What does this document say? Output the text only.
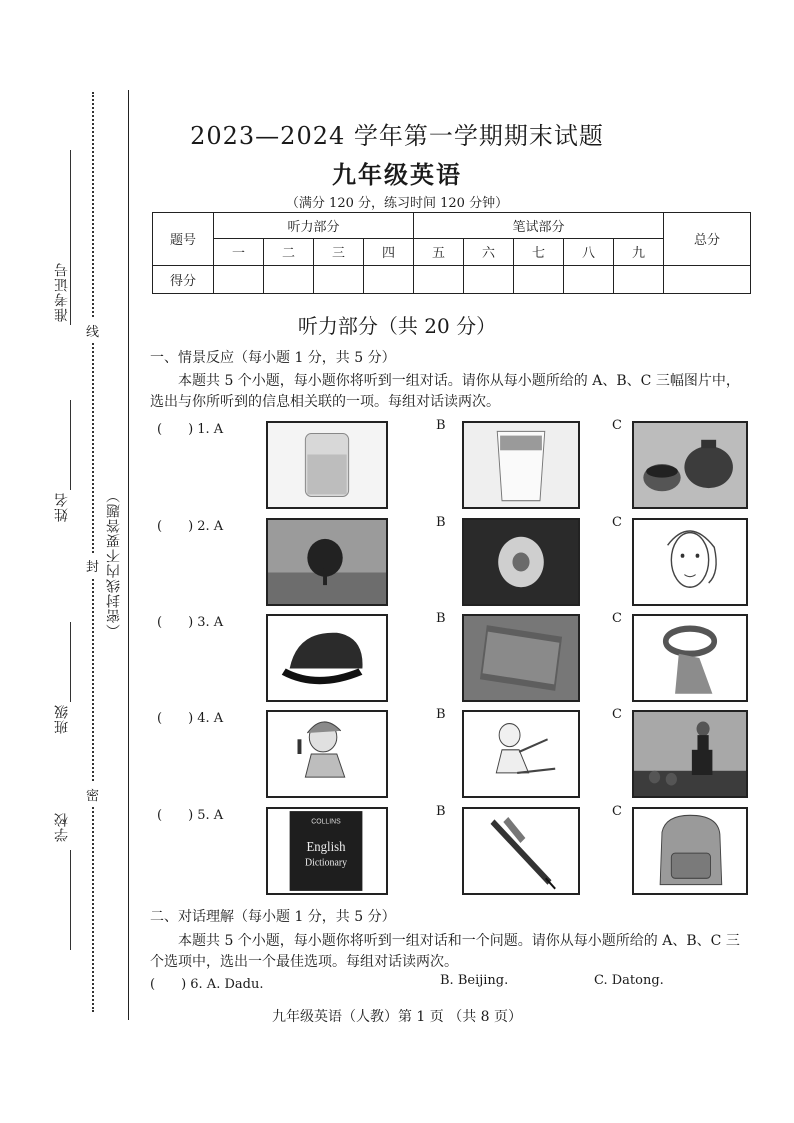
准考证号
姓名
班级
学校
线
封
密
（密封线内不要答题）
2023—2024 学年第一学期期末试题
九年级英语
（满分 120 分，练习时间 120 分钟）
题号	听力部分				笔试部分					总分
	一	二	三	四	五	六	七	八	九	
得分										
听力部分（共 20 分）
一、情景反应（每小题 1 分，共 5 分）
本题共 5 个小题，每小题你将听到一组对话。请你从每小题所给的 A、B、C 三幅图片中，选出与你所听到的信息相关联的一项。每组对话读两次。
(　　) 1. A	B	C
(　　) 2. A	B	C
(　　) 3. A	B	C
(　　) 4. A	B	C
(　　) 5. A	COLLINS
English
Dictionary
B	C
二、对话理解（每小题 1 分，共 5 分）
本题共 5 个小题，每小题你将听到一组对话和一个问题。请你从每小题所给的 A、B、C 三个选项中，选出一个最佳选项。每组对话读两次。
(　　) 6. A. Dadu.	B. Beijing.	C. Datong.
九年级英语（人教）第 1 页 （共 8 页）
